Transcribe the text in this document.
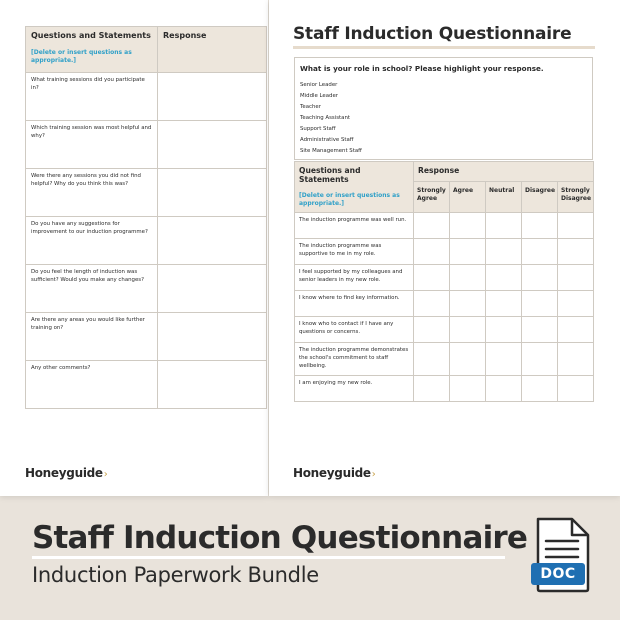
Questions and Statements
[Delete or insert questions as appropriate.]	Response

What training sessions did you participate in?	

Which training session was most helpful and why?	

Were there any sessions you did not find helpful? Why do you think this was?	

Do you have any suggestions for improvement to our induction programme?	

Do you feel the length of induction was sufficient? Would you make any changes?	

Are there any areas you would like further training on?	

Any other comments?	

Honeyguide›
Staff Induction Questionnaire
What is your role in school? Please highlight your response.
Senior Leader
Middle Leader
Teacher
Teaching Assistant
Support Staff
Administrative Staff
Site Management Staff
Questions and Statements
[Delete or insert questions as appropriate.]	Response				
	Strongly Agree	Agree	Neutral	Disagree	Strongly Disagree

The induction programme was well run.					

The induction programme was supportive to me in my role.					

I feel supported by my colleagues and senior leaders in my new role.					

I know where to find key information.					

I know who to contact if I have any questions or concerns.					

The induction programme demonstrates the school's commitment to staff wellbeing.					

I am enjoying my new role.					

Honeyguide›
Staff Induction Questionnaire
Induction Paperwork Bundle	DOC
